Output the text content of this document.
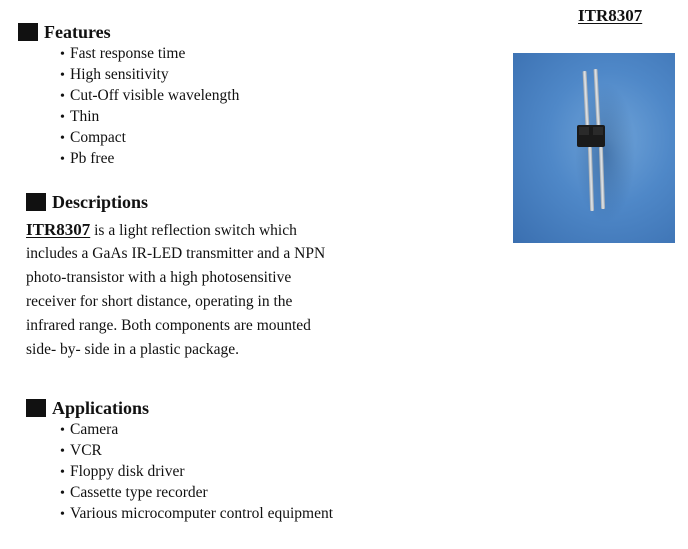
ITR8307
Features
• Fast response time
• High sensitivity
• Cut-Off visible wavelength
• Thin
• Compact
• Pb free
Descriptions
ITR8307 is a light reflection switch which
includes a GaAs IR-LED transmitter and a NPN
photo-transistor with a high photosensitive
receiver for short distance, operating in the
infrared range. Both components are mounted
side- by- side in a plastic package.
Applications
• Camera
• VCR
• Floppy disk driver
• Cassette type recorder
• Various microcomputer control equipment
